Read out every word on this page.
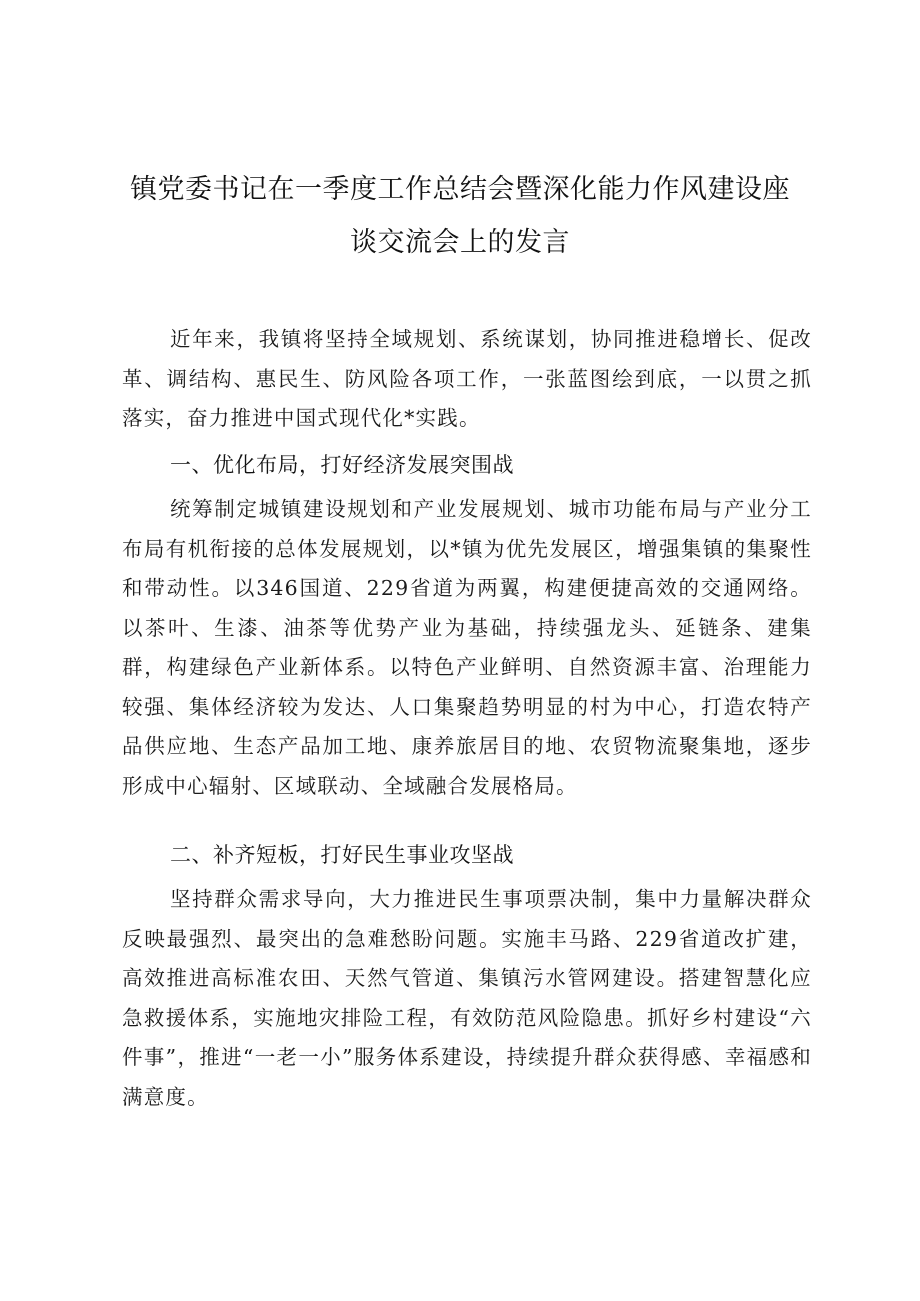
镇党委书记在一季度工作总结会暨深化能力作风建设座
谈交流会上的发言

近年来，我镇将坚持全域规划、系统谋划，协同推进稳增长、促改革、调结构、惠民生、防风险各项工作，一张蓝图绘到底，一以贯之抓落实，奋力推进中国式现代化*实践。

一、优化布局，打好经济发展突围战

统筹制定城镇建设规划和产业发展规划、城市功能布局与产业分工布局有机衔接的总体发展规划，以*镇为优先发展区，增强集镇的集聚性和带动性。以346国道、229省道为两翼，构建便捷高效的交通网络。以茶叶、生漆、油茶等优势产业为基础，持续强龙头、延链条、建集群，构建绿色产业新体系。以特色产业鲜明、自然资源丰富、治理能力较强、集体经济较为发达、人口集聚趋势明显的村为中心，打造农特产品供应地、生态产品加工地、康养旅居目的地、农贸物流聚集地，逐步形成中心辐射、区域联动、全域融合发展格局。

二、补齐短板，打好民生事业攻坚战

坚持群众需求导向，大力推进民生事项票决制，集中力量解决群众反映最强烈、最突出的急难愁盼问题。实施丰马路、229省道改扩建，高效推进高标准农田、天然气管道、集镇污水管网建设。搭建智慧化应急救援体系，实施地灾排险工程，有效防范风险隐患。抓好乡村建设“六件事”，推进“一老一小”服务体系建设，持续提升群众获得感、幸福感和满意度。
